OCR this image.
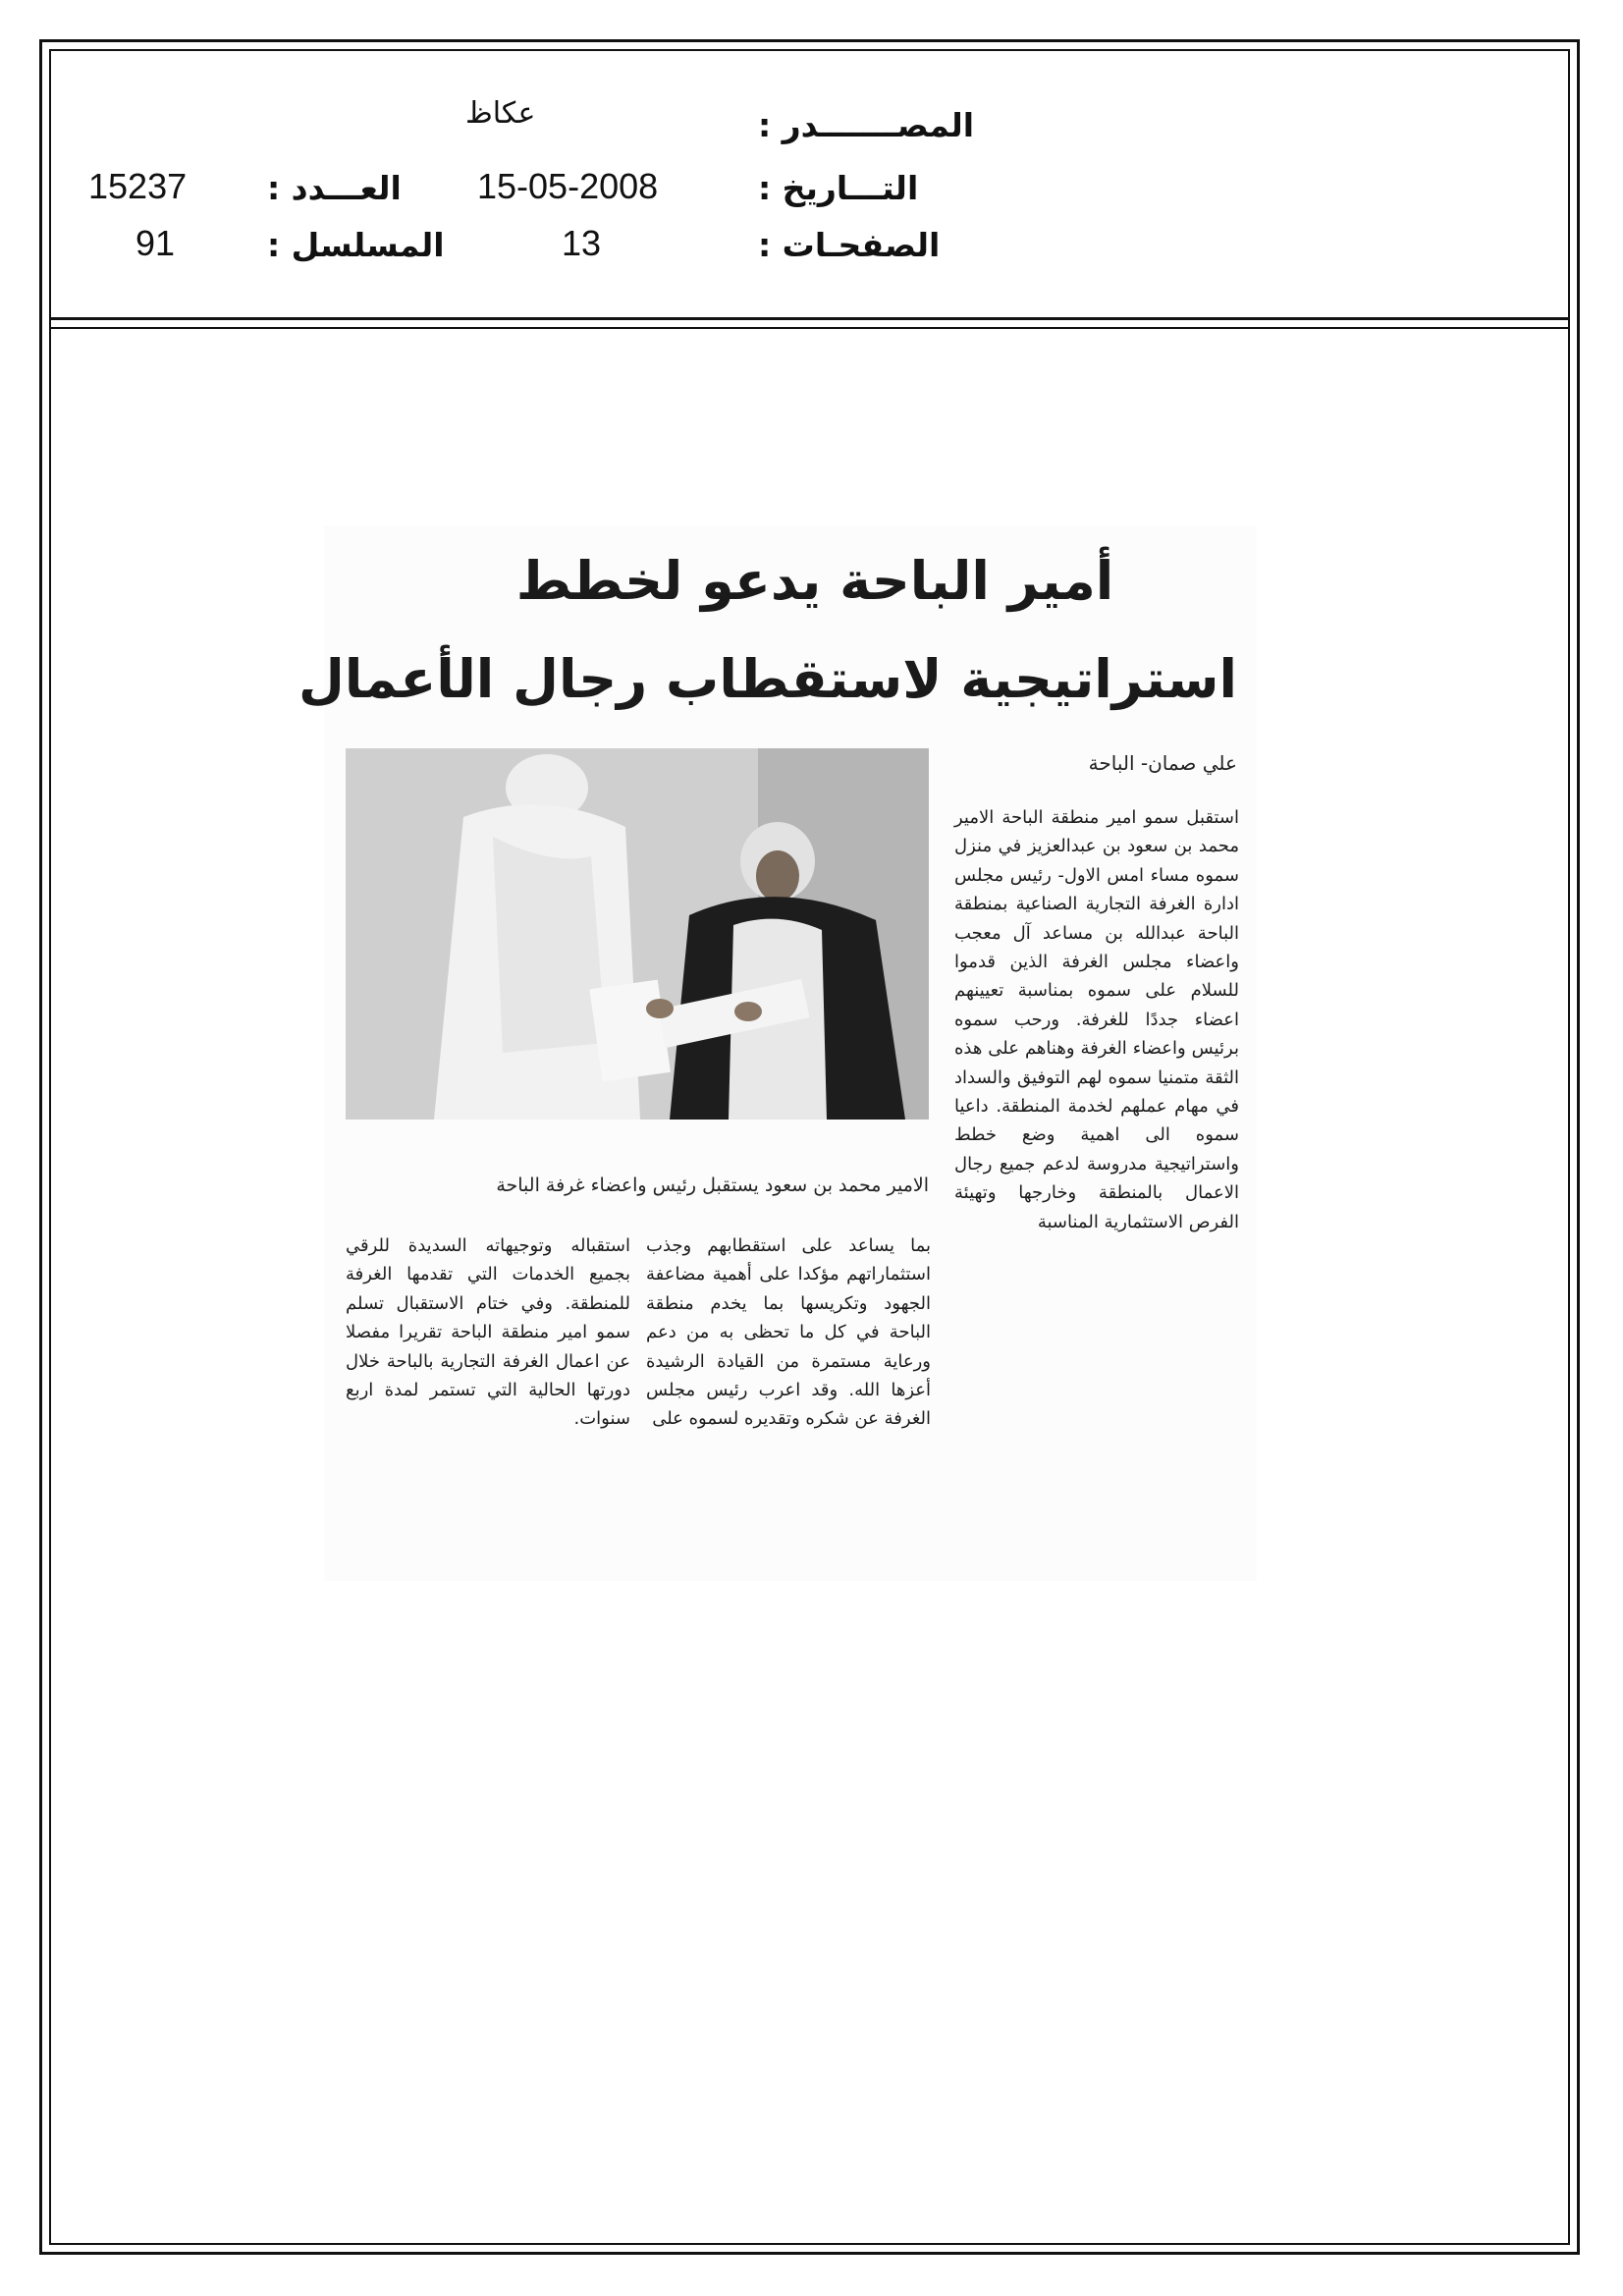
المصـــــــدر :
عكاظ
التـــاريخ :
15-05-2008
العـــدد :
15237
الصفحـات :
13
المسلسل :
91
أمير الباحة يدعو لخطط
استراتيجية لاستقطاب رجال الأعمال
علي صمان- الباحة
الامير محمد بن سعود يستقبل رئيس واعضاء غرفة الباحة

استقبل سمو امير منطقة الباحة الامير محمد بن سعود بن عبدالعزيز في منزل سموه مساء امس الاول- رئيس مجلس ادارة الغرفة التجارية الصناعية بمنطقة الباحة عبدالله بن مساعد آل معجب واعضاء مجلس الغرفة الذين قدموا للسلام على سموه بمناسبة تعيينهم اعضاء جددًا للغرفة. ورحب سموه برئيس واعضاء الغرفة وهناهم على هذه الثقة متمنيا سموه لهم التوفيق والسداد في مهام عملهم لخدمة المنطقة. داعيا سموه الى اهمية وضع خطط واستراتيجية مدروسة لدعم جميع رجال الاعمال بالمنطقة وخارجها وتهيئة الفرص الاستثمارية المناسبة

بما يساعد على استقطابهم وجذب استثماراتهم مؤكدا على أهمية مضاعفة الجهود وتكريسها بما يخدم منطقة الباحة في كل ما تحظى به من دعم ورعاية مستمرة من القيادة الرشيدة أعزها الله. وقد اعرب رئيس مجلس الغرفة عن شكره وتقديره لسموه على

استقباله وتوجيهاته السديدة للرقي بجميع الخدمات التي تقدمها الغرفة للمنطقة. وفي ختام الاستقبال تسلم سمو امير منطقة الباحة تقريرا مفصلا عن اعمال الغرفة التجارية بالباحة خلال دورتها الحالية التي تستمر لمدة اربع سنوات.
